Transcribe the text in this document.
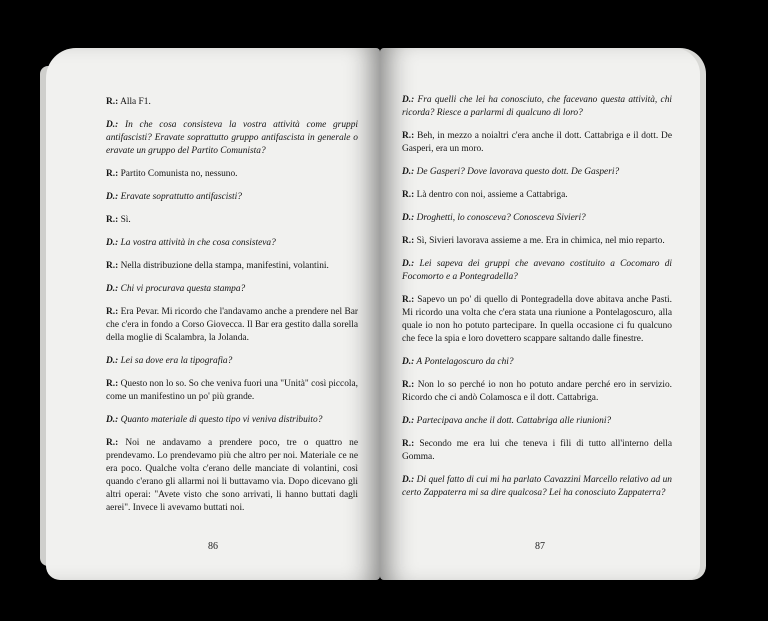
R.: Alla F1.

D.: In che cosa consisteva la vostra attività come gruppi antifascisti? Eravate soprattutto gruppo antifascista in generale o eravate un gruppo del Partito Comunista?

R.: Partito Comunista no, nessuno.

D.: Eravate soprattutto antifascisti?

R.: Sì.

D.: La vostra attività in che cosa consisteva?

R.: Nella distribuzione della stampa, manifestini, volantini.

D.: Chi vi procurava questa stampa?

R.: Era Pevar. Mi ricordo che l'andavamo anche a prendere nel Bar che c'era in fondo a Corso Giovecca. Il Bar era gestito dalla sorella della moglie di Scalambra, la Jolanda.

D.: Lei sa dove era la tipografia?

R.: Questo non lo so. So che veniva fuori una "Unità" così piccola, come un manifestino un po' più grande.

D.: Quanto materiale di questo tipo vi veniva distribuito?

R.: Noi ne andavamo a prendere poco, tre o quattro ne prendevamo. Lo prendevamo più che altro per noi. Materiale ce ne era poco. Qualche volta c'erano delle manciate di volantini, così quando c'erano gli allarmi noi li buttavamo via. Dopo dicevano gli altri operai: "Avete visto che sono arrivati, li hanno buttati dagli aerei". Invece li avevamo buttati noi.

86

D.: Fra quelli che lei ha conosciuto, che facevano questa attività, chi ricorda? Riesce a parlarmi di qualcuno di loro?

R.: Beh, in mezzo a noialtri c'era anche il dott. Cattabriga e il dott. De Gasperi, era un moro.

D.: De Gasperi? Dove lavorava questo dott. De Gasperi?

R.: Là dentro con noi, assieme a Cattabriga.

D.: Droghetti, lo conosceva? Conosceva Sivieri?

R.: Sì, Sivieri lavorava assieme a me. Era in chimica, nel mio reparto.

D.: Lei sapeva dei gruppi che avevano costituito a Cocomaro di Focomorto e a Pontegradella?

R.: Sapevo un po' di quello di Pontegradella dove abitava anche Pasti. Mi ricordo una volta che c'era stata una riunione a Pontelagoscuro, alla quale io non ho potuto partecipare. In quella occasione ci fu qualcuno che fece la spia e loro dovettero scappare saltando dalle finestre.

D.: A Pontelagoscuro da chi?

R.: Non lo so perché io non ho potuto andare perché ero in servizio. Ricordo che ci andò Colamosca e il dott. Cattabriga.

D.: Partecipava anche il dott. Cattabriga alle riunioni?

R.: Secondo me era lui che teneva i fili di tutto all'interno della Gomma.

D.: Di quel fatto di cui mi ha parlato Cavazzini Marcello relativo ad un certo Zappaterra mi sa dire qualcosa? Lei ha conosciuto Zappaterra?

87
